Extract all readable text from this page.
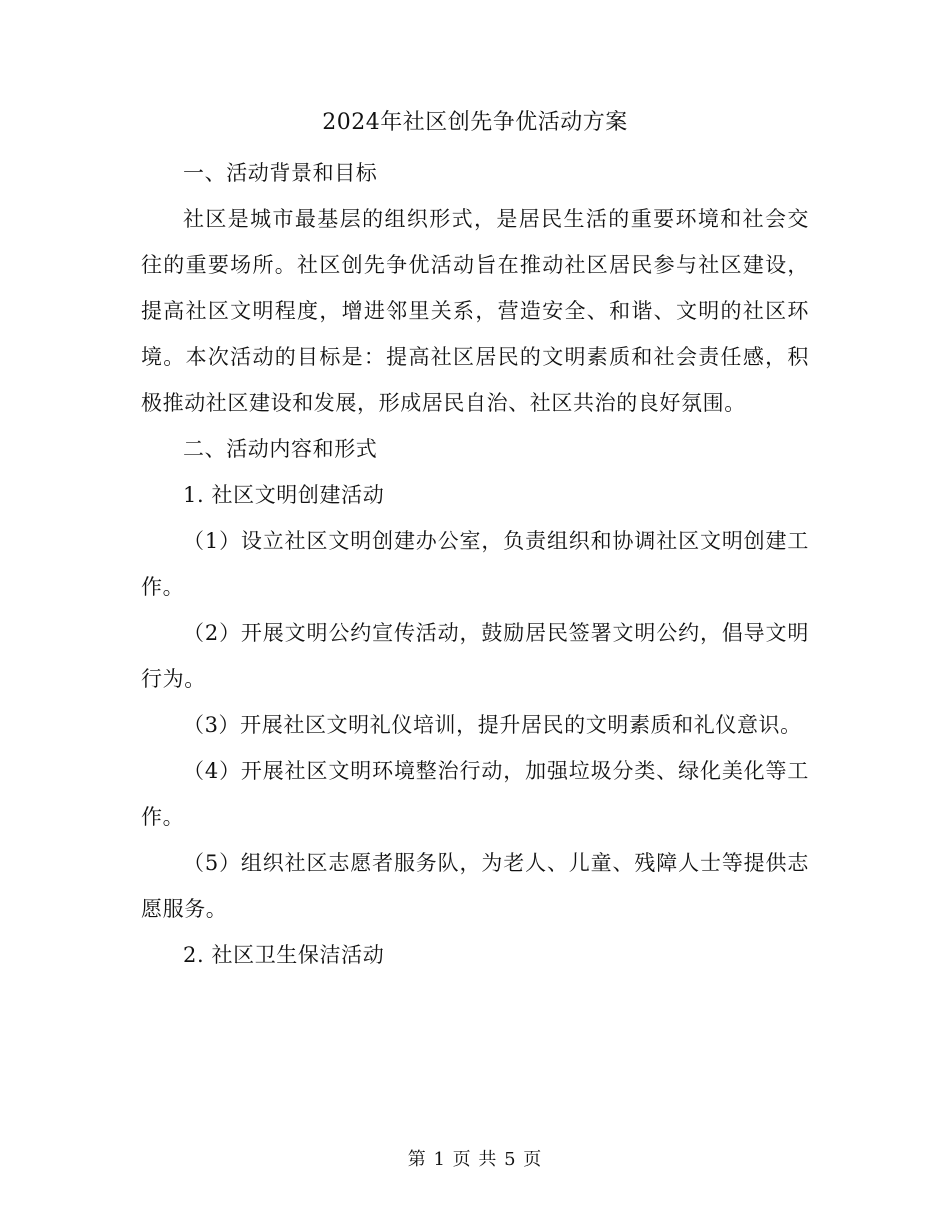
2024年社区创先争优活动方案

一、活动背景和目标

社区是城市最基层的组织形式，是居民生活的重要环境和社会交往的重要场所。社区创先争优活动旨在推动社区居民参与社区建设，提高社区文明程度，增进邻里关系，营造安全、和谐、文明的社区环境。本次活动的目标是：提高社区居民的文明素质和社会责任感，积极推动社区建设和发展，形成居民自治、社区共治的良好氛围。

二、活动内容和形式

1. 社区文明创建活动

（1）设立社区文明创建办公室，负责组织和协调社区文明创建工作。

（2）开展文明公约宣传活动，鼓励居民签署文明公约，倡导文明行为。

（3）开展社区文明礼仪培训，提升居民的文明素质和礼仪意识。

（4）开展社区文明环境整治行动，加强垃圾分类、绿化美化等工作。

（5）组织社区志愿者服务队，为老人、儿童、残障人士等提供志愿服务。

2. 社区卫生保洁活动

第 1 页 共 5 页
